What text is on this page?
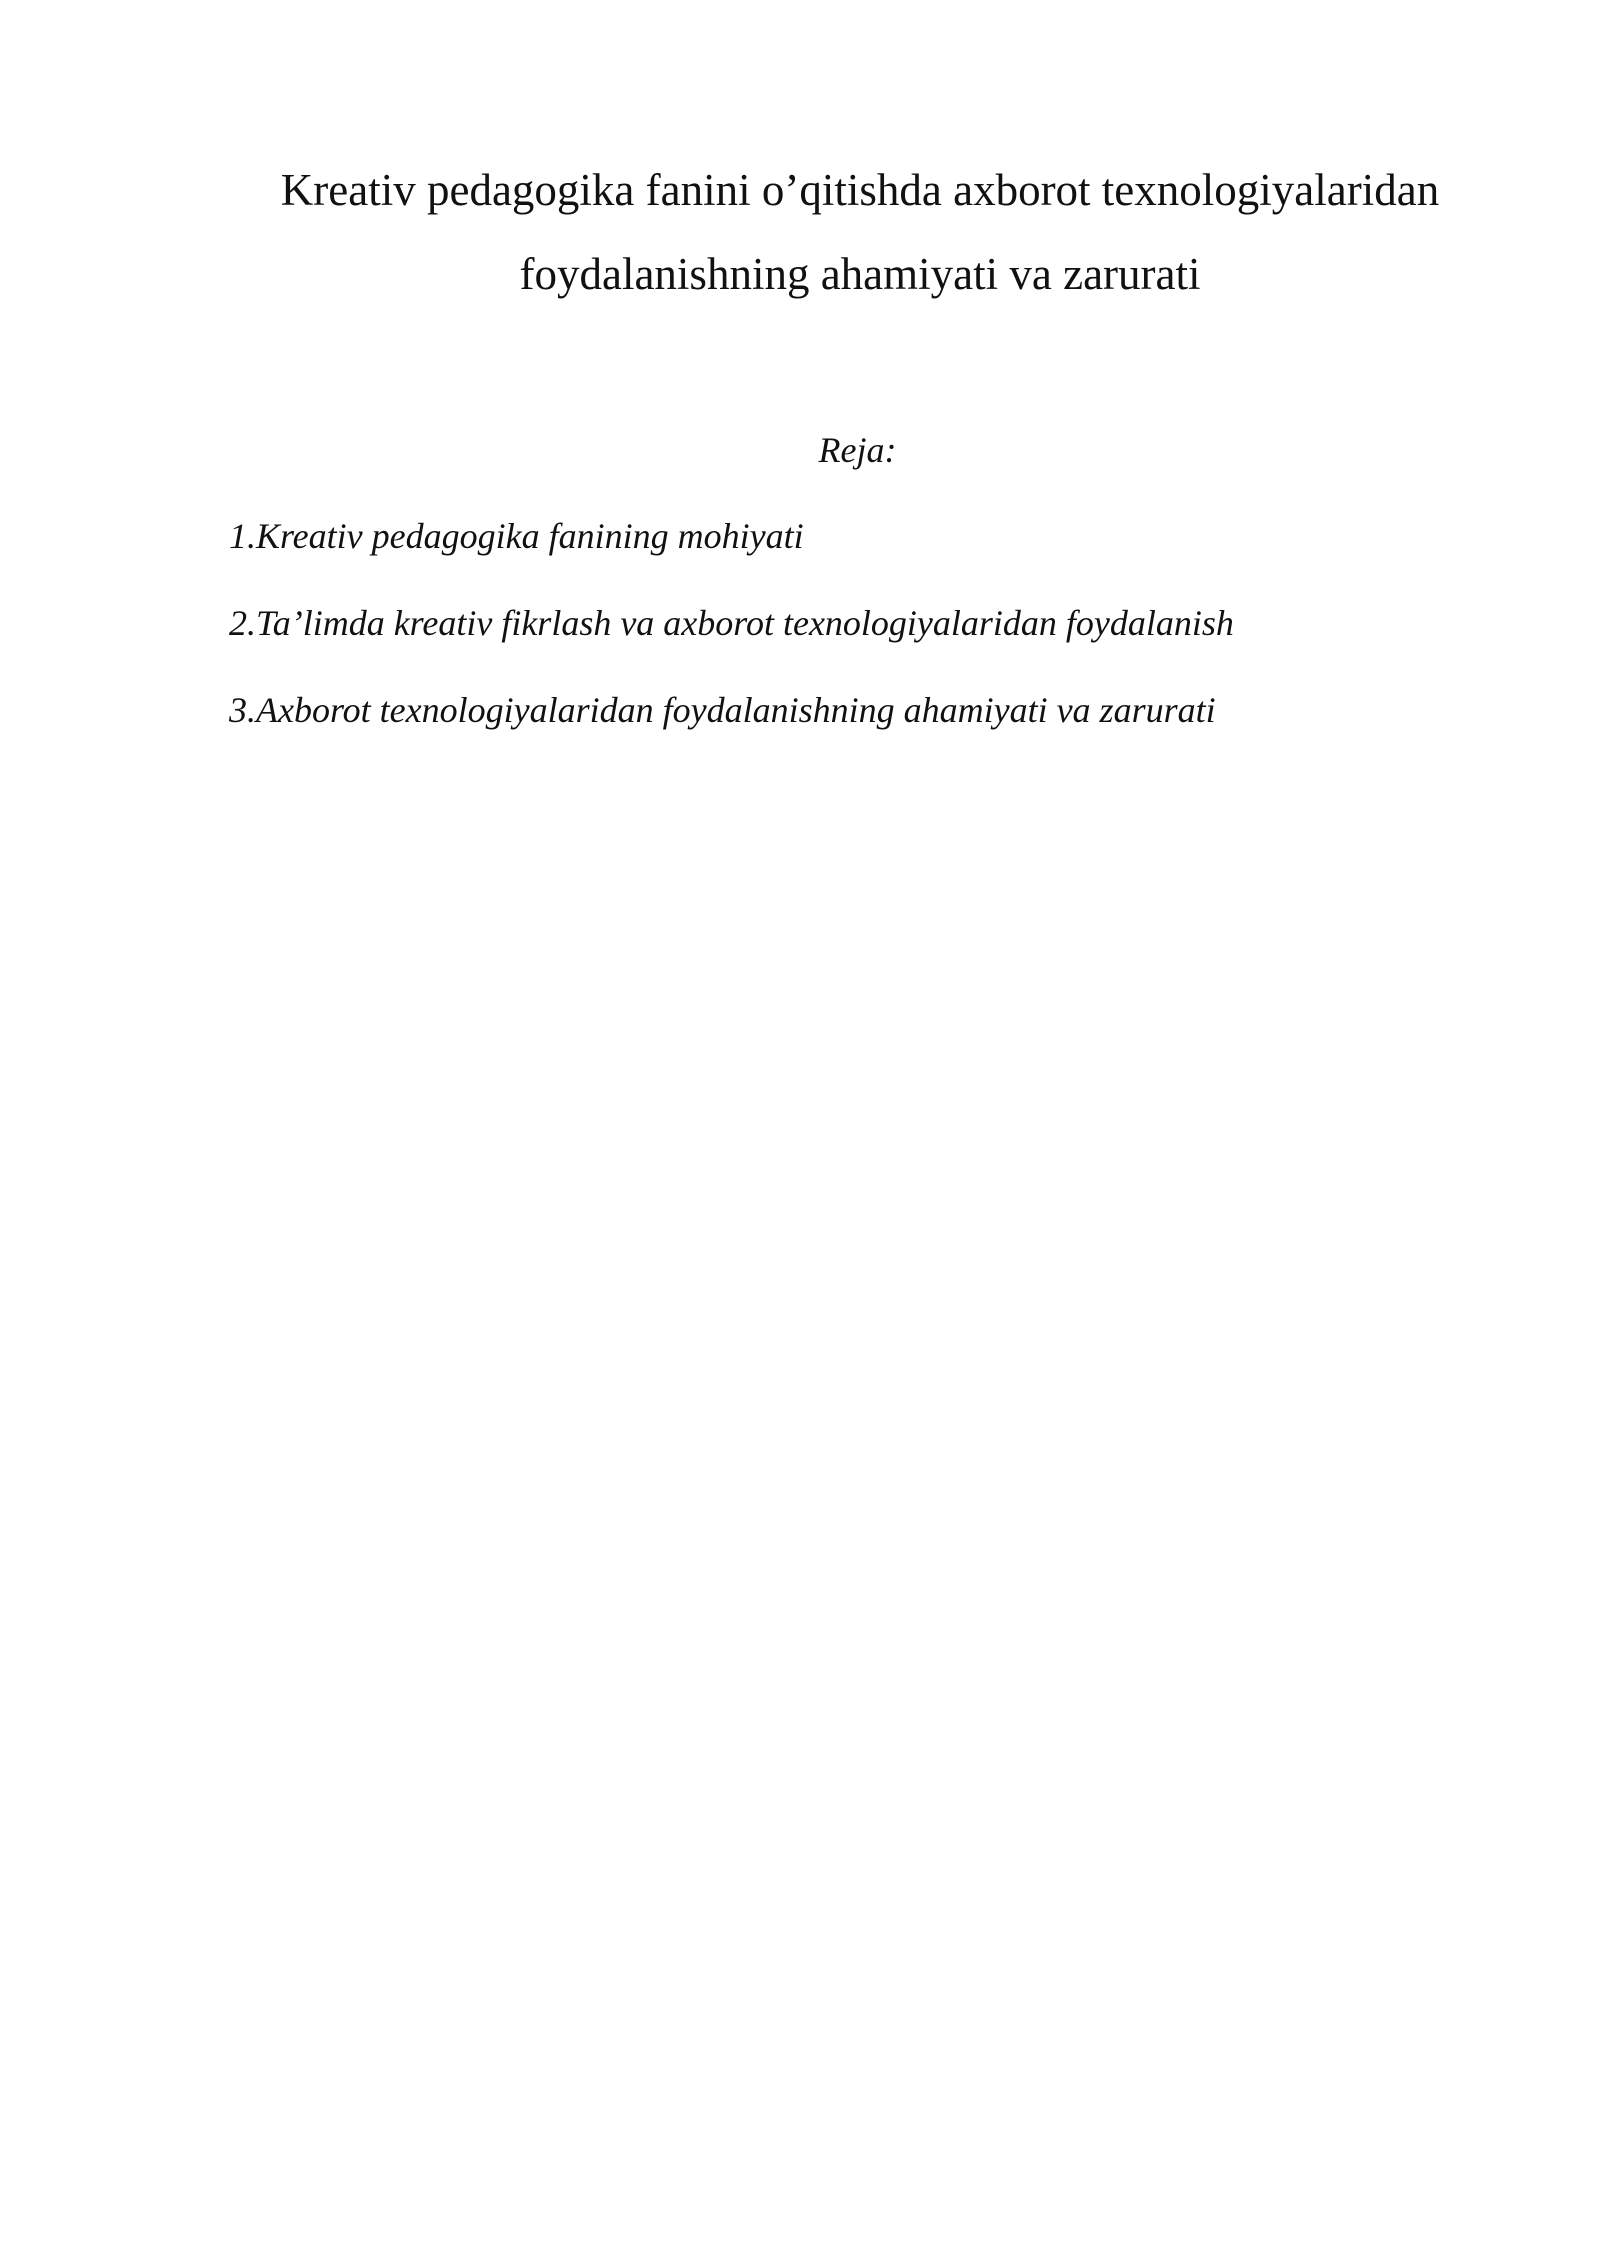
Kreativ pedagogika fanini o’qitishda axborot texnologiyalaridan
foydalanishning ahamiyati va zarurati

Reja:

1.Kreativ pedagogika fanining mohiyati
2.Ta’limda kreativ fikrlash va axborot texnologiyalaridan foydalanish
3.Axborot texnologiyalaridan foydalanishning ahamiyati va zarurati
